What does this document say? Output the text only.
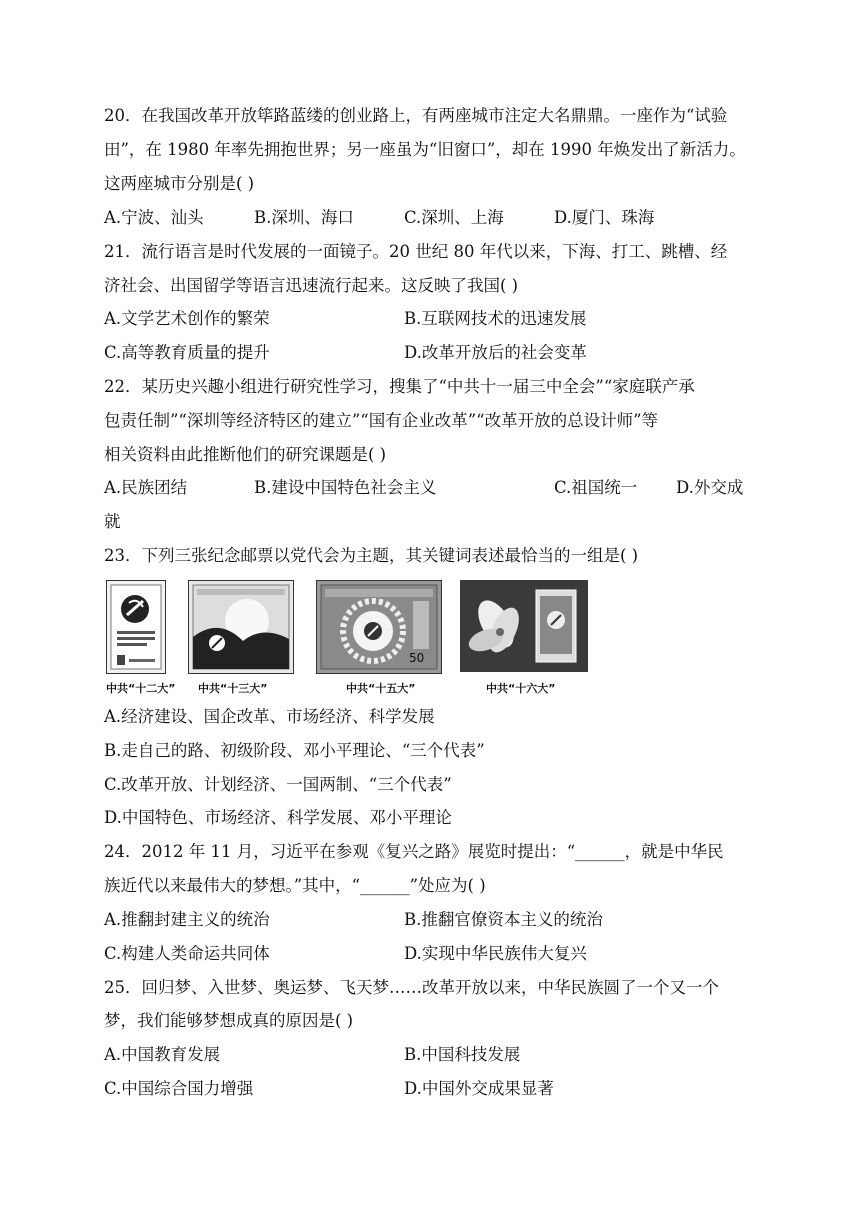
20．在我国改革开放筚路蓝缕的创业路上，有两座城市注定大名鼎鼎。一座作为“试验
田”，在 1980 年率先拥抱世界；另一座虽为“旧窗口”，却在 1990 年焕发出了新活力。
这两座城市分别是( )
A.宁波、汕头	B.深圳、海口	C.深圳、上海	D.厦门、珠海
21．流行语言是时代发展的一面镜子。20 世纪 80 年代以来，下海、打工、跳槽、经
济社会、出国留学等语言迅速流行起来。这反映了我国( )
A.文学艺术创作的繁荣	B.互联网技术的迅速发展
C.高等教育质量的提升	D.改革开放后的社会变革
22．某历史兴趣小组进行研究性学习，搜集了“中共十一届三中全会”“家庭联产承
包责任制”“深圳等经济特区的建立”“国有企业改革”“改革开放的总设计师”等
相关资料由此推断他们的研究课题是( )
A.民族团结	B.建设中国特色社会主义	C.祖国统一 D.外交成
就
23．下列三张纪念邮票以党代会为主题，其关键词表述最恰当的一组是( )
中共“十二大” 中共“十三大”
50
中共“十五大”	中共“十六大”
A.经济建设、国企改革、市场经济、科学发展
B.走自己的路、初级阶段、邓小平理论、“三个代表”
C.改革开放、计划经济、一国两制、“三个代表”
D.中国特色、市场经济、科学发展、邓小平理论
24．2012 年 11 月，习近平在参观《复兴之路》展览时提出：“______，就是中华民
族近代以来最伟大的梦想。”其中，“______”处应为( )
A.推翻封建主义的统治	B.推翻官僚资本主义的统治
C.构建人类命运共同体	D.实现中华民族伟大复兴
25．回归梦、入世梦、奥运梦、飞天梦……改革开放以来，中华民族圆了一个又一个
梦，我们能够梦想成真的原因是( )
A.中国教育发展	B.中国科技发展
C.中国综合国力增强	D.中国外交成果显著
